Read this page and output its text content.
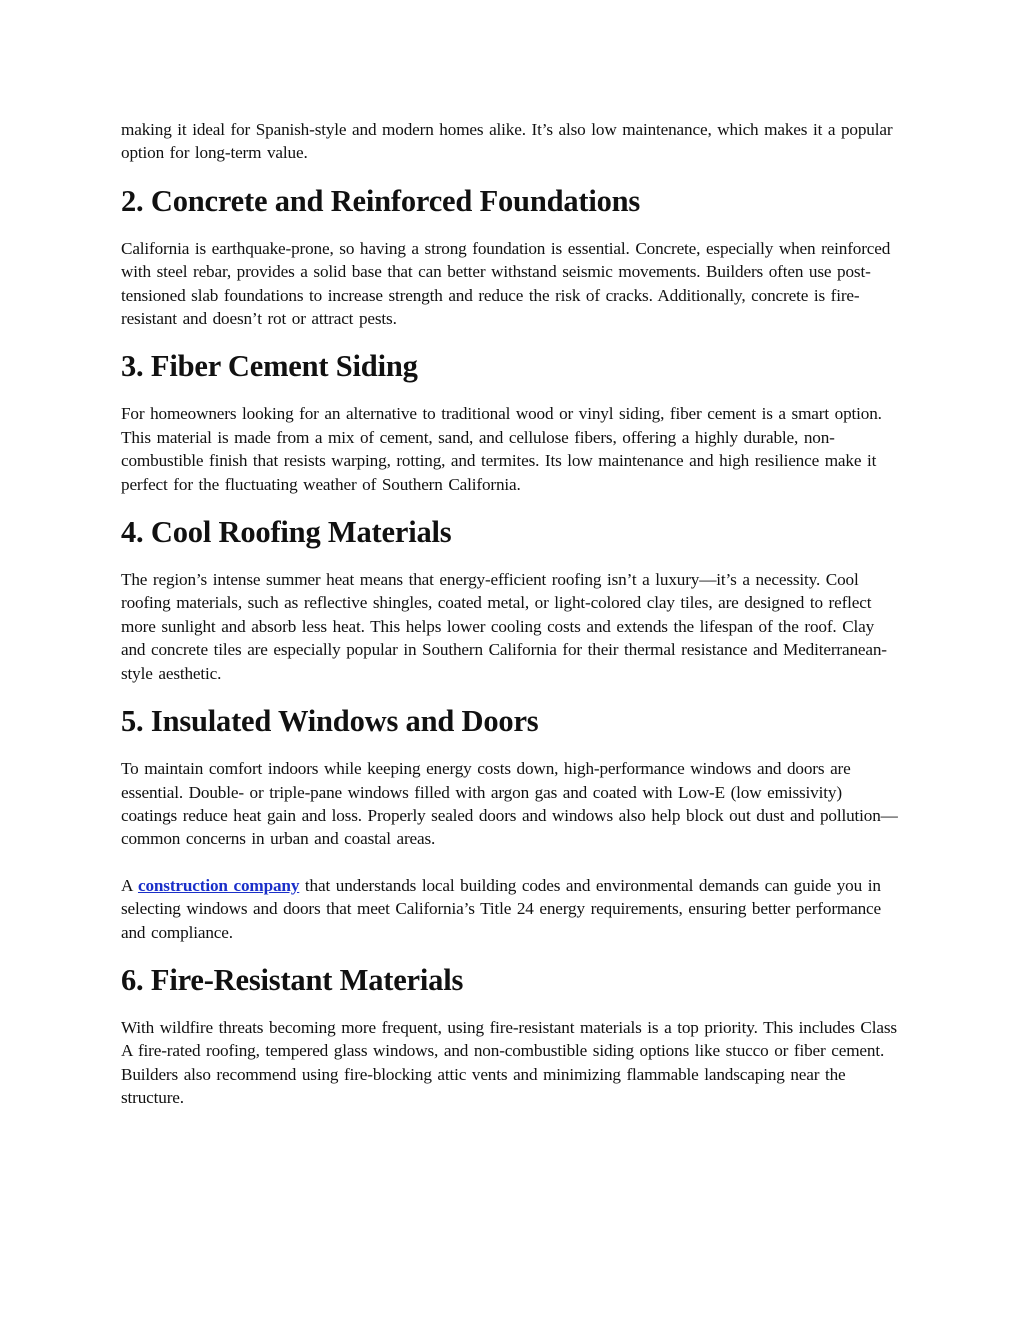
making it ideal for Spanish-style and modern homes alike. It’s also low maintenance, which makes it a popular option for long-term value.

2. Concrete and Reinforced Foundations

California is earthquake-prone, so having a strong foundation is essential. Concrete, especially when reinforced with steel rebar, provides a solid base that can better withstand seismic movements. Builders often use post-tensioned slab foundations to increase strength and reduce the risk of cracks. Additionally, concrete is fire-resistant and doesn’t rot or attract pests.

3. Fiber Cement Siding

For homeowners looking for an alternative to traditional wood or vinyl siding, fiber cement is a smart option. This material is made from a mix of cement, sand, and cellulose fibers, offering a highly durable, non-combustible finish that resists warping, rotting, and termites. Its low maintenance and high resilience make it perfect for the fluctuating weather of Southern California.

4. Cool Roofing Materials

The region’s intense summer heat means that energy-efficient roofing isn’t a luxury—it’s a necessity. Cool roofing materials, such as reflective shingles, coated metal, or light-colored clay tiles, are designed to reflect more sunlight and absorb less heat. This helps lower cooling costs and extends the lifespan of the roof. Clay and concrete tiles are especially popular in Southern California for their thermal resistance and Mediterranean-style aesthetic.

5. Insulated Windows and Doors

To maintain comfort indoors while keeping energy costs down, high-performance windows and doors are essential. Double- or triple-pane windows filled with argon gas and coated with Low-E (low emissivity) coatings reduce heat gain and loss. Properly sealed doors and windows also help block out dust and pollution—common concerns in urban and coastal areas.

A construction company that understands local building codes and environmental demands can guide you in selecting windows and doors that meet California’s Title 24 energy requirements, ensuring better performance and compliance.

6. Fire-Resistant Materials

With wildfire threats becoming more frequent, using fire-resistant materials is a top priority. This includes Class A fire-rated roofing, tempered glass windows, and non-combustible siding options like stucco or fiber cement. Builders also recommend using fire-blocking attic vents and minimizing flammable landscaping near the structure.
